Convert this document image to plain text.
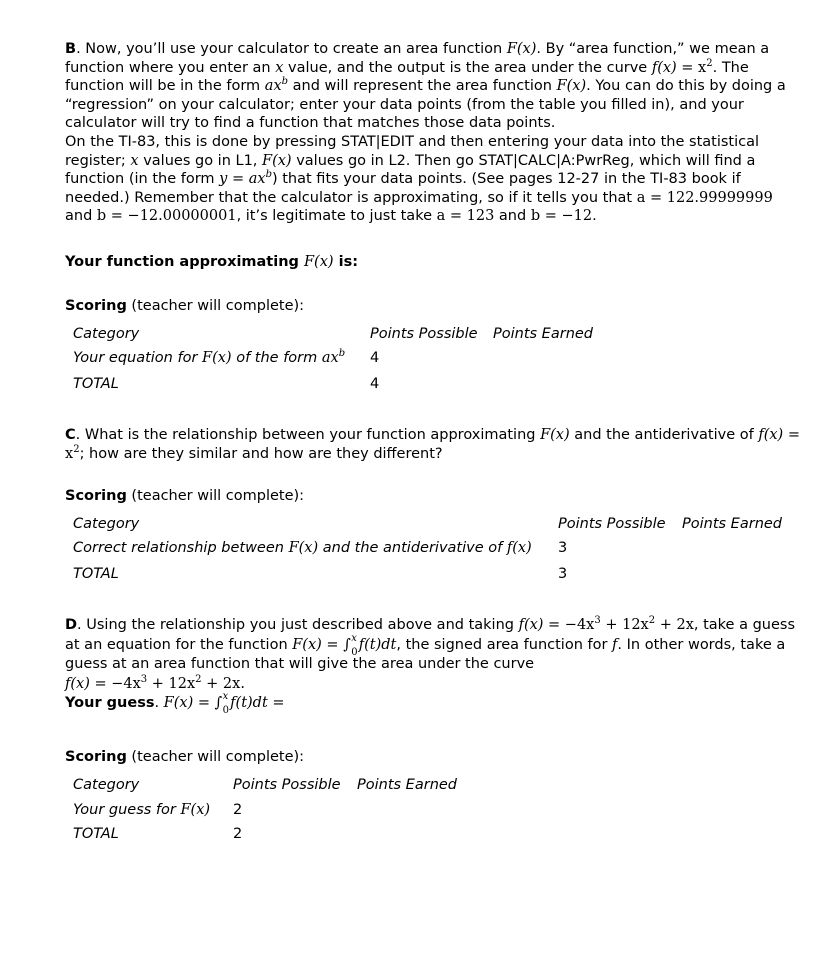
B. Now, you’ll use your calculator to create an area function F(x). By “area function,” we mean a function where you enter an x value, and the output is the area under the curve $f(x) = x^2$. The function will be in the form $ax^b$ and will represent the area function F(x). You can do this by doing a “regression” on your calculator; enter your data points (from the table you filled in), and your calculator will try to find a function that matches those data points.
On the TI-83, this is done by pressing STAT|EDIT and then entering your data into the statistical register; x values go in L1, F(x) values go in L2. Then go STAT|CALC|A:PwrReg, which will find a function (in the form $y = ax^b$) that fits your data points. (See pages 12-27 in the TI-83 book if needed.) Remember that the calculator is approximating, so if it tells you that a = 122.99999999 and b = −12.00000001, it’s legitimate to just take a = 123 and b = −12.
Your function approximating F(x) is:
Scoring (teacher will complete):
Category	Points Possible Points Earned
Your equation for F(x) of the form $ax^b$ 4
TOTAL	4
C. What is the relationship between your function approximating F(x) and the antiderivative of $f(x) = x^2$; how are they similar and how are they different?
Scoring (teacher will complete):
Category	Points Possible Points Earned
Correct relationship between F(x) and the antiderivative of f(x) 3
TOTAL	3
D. Using the relationship you just described above and taking $f(x) = -4x^3 + 12x^2 + 2x$, take a guess at an equation for the function F(x) = ∫ x
0 f(t)dt, the signed area function for f. In other words, take a guess at an area function that will give the area under the curve
$f(x) = -4x^3 + 12x^2 + 2x$.
Your guess. F(x) = ∫ x
0 f(t)dt =
Scoring (teacher will complete):
Category	Points Possible Points Earned
Your guess for F(x) 2
TOTAL	2
